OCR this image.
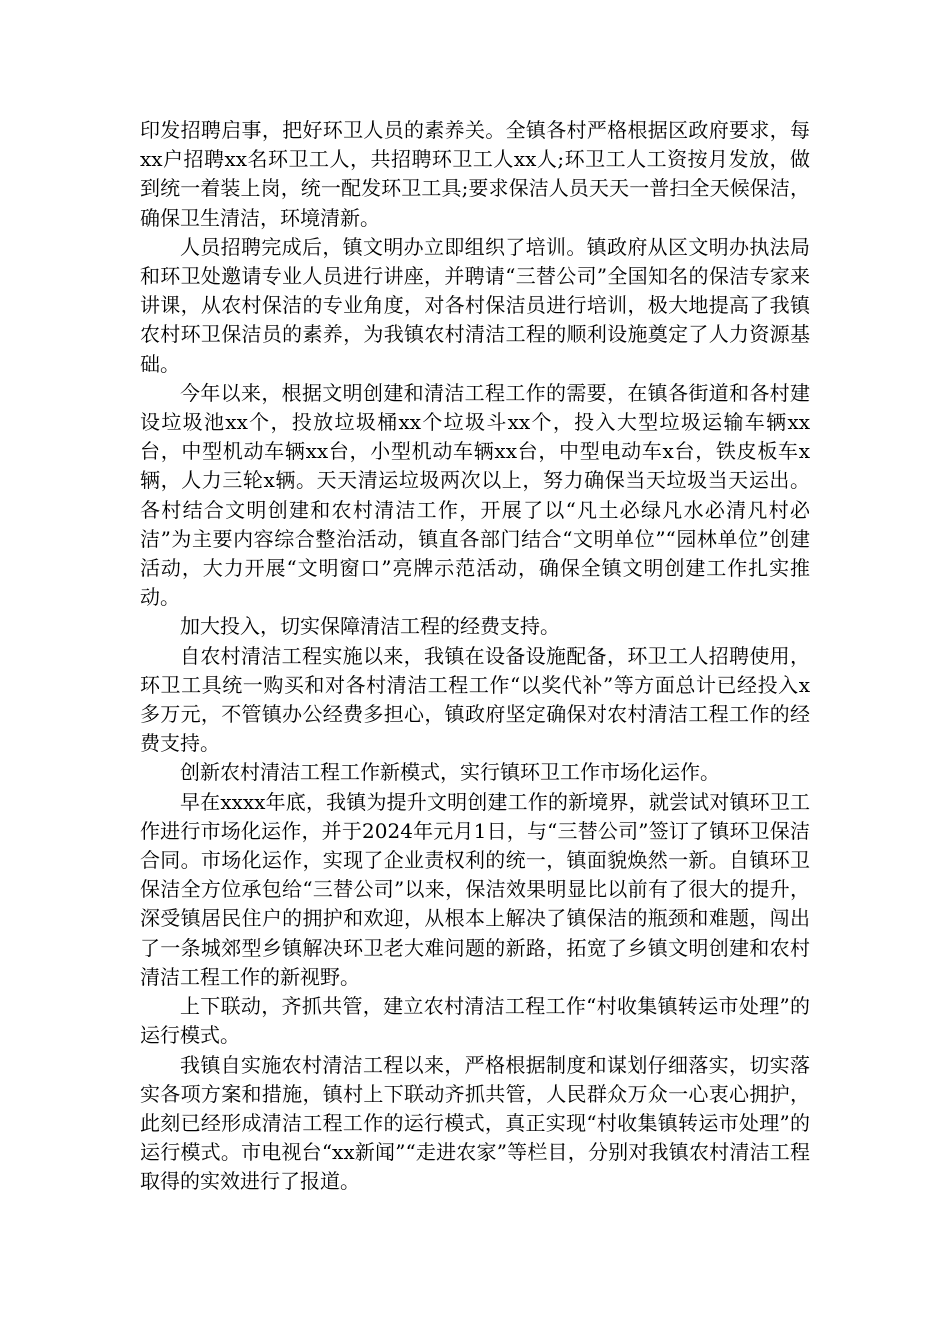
印发招聘启事，把好环卫人员的素养关。全镇各村严格根据区政府要求，每xx户招聘xx名环卫工人，共招聘环卫工人xx人;环卫工人工资按月发放，做到统一着装上岗，统一配发环卫工具;要求保洁人员天天一普扫全天候保洁，确保卫生清洁，环境清新。

人员招聘完成后，镇文明办立即组织了培训。镇政府从区文明办执法局和环卫处邀请专业人员进行讲座，并聘请“三替公司”全国知名的保洁专家来讲课，从农村保洁的专业角度，对各村保洁员进行培训，极大地提高了我镇农村环卫保洁员的素养，为我镇农村清洁工程的顺利设施奠定了人力资源基础。

今年以来，根据文明创建和清洁工程工作的需要，在镇各街道和各村建设垃圾池xx个，投放垃圾桶xx个垃圾斗xx个，投入大型垃圾运输车辆xx台，中型机动车辆xx台，小型机动车辆xx台，中型电动车x台，铁皮板车x辆，人力三轮x辆。天天清运垃圾两次以上，努力确保当天垃圾当天运出。各村结合文明创建和农村清洁工作，开展了以“凡土必绿凡水必清凡村必洁”为主要内容综合整治活动，镇直各部门结合“文明单位”“园林单位”创建活动，大力开展“文明窗口”亮牌示范活动，确保全镇文明创建工作扎实推动。

加大投入，切实保障清洁工程的经费支持。

自农村清洁工程实施以来，我镇在设备设施配备，环卫工人招聘使用，环卫工具统一购买和对各村清洁工程工作“以奖代补”等方面总计已经投入x多万元，不管镇办公经费多担心，镇政府坚定确保对农村清洁工程工作的经费支持。

创新农村清洁工程工作新模式，实行镇环卫工作市场化运作。

早在xxxx年底，我镇为提升文明创建工作的新境界，就尝试对镇环卫工作进行市场化运作，并于2024年元月1日，与“三替公司”签订了镇环卫保洁合同。市场化运作，实现了企业责权利的统一，镇面貌焕然一新。自镇环卫保洁全方位承包给“三替公司”以来，保洁效果明显比以前有了很大的提升，深受镇居民住户的拥护和欢迎，从根本上解决了镇保洁的瓶颈和难题，闯出了一条城郊型乡镇解决环卫老大难问题的新路，拓宽了乡镇文明创建和农村清洁工程工作的新视野。

上下联动，齐抓共管，建立农村清洁工程工作“村收集镇转运市处理”的运行模式。

我镇自实施农村清洁工程以来，严格根据制度和谋划仔细落实，切实落实各项方案和措施，镇村上下联动齐抓共管，人民群众万众一心衷心拥护，此刻已经形成清洁工程工作的运行模式，真正实现“村收集镇转运市处理”的运行模式。市电视台“xx新闻”“走进农家”等栏目，分别对我镇农村清洁工程取得的实效进行了报道。
